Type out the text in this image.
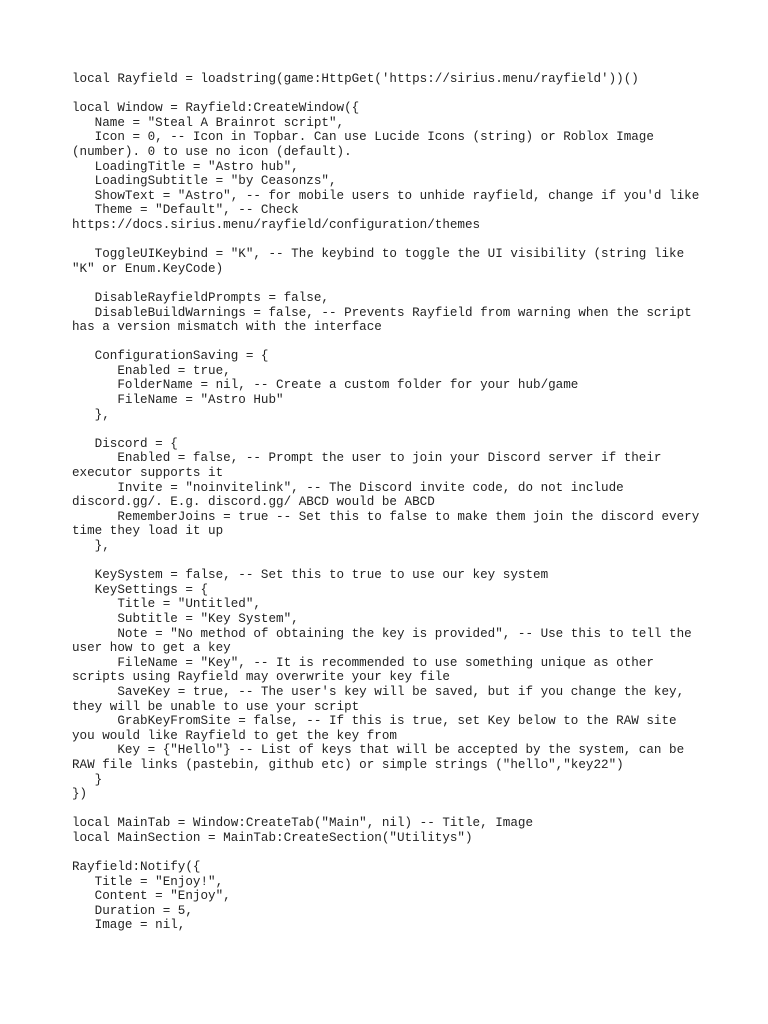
local Rayfield = loadstring(game:HttpGet('https://sirius.menu/rayfield'))()

local Window = Rayfield:CreateWindow({
Name = "Steal A Brainrot script",
Icon = 0, -- Icon in Topbar. Can use Lucide Icons (string) or Roblox Image
(number). 0 to use no icon (default).
LoadingTitle = "Astro hub",
LoadingSubtitle = "by Ceasonzs",
ShowText = "Astro", -- for mobile users to unhide rayfield, change if you'd like
Theme = "Default", -- Check
https://docs.sirius.menu/rayfield/configuration/themes

ToggleUIKeybind = "K", -- The keybind to toggle the UI visibility (string like
"K" or Enum.KeyCode)

DisableRayfieldPrompts = false,
DisableBuildWarnings = false, -- Prevents Rayfield from warning when the script
has a version mismatch with the interface

ConfigurationSaving = {
Enabled = true,
FolderName = nil, -- Create a custom folder for your hub/game
FileName = "Astro Hub"
},

Discord = {
Enabled = false, -- Prompt the user to join your Discord server if their
executor supports it
Invite = "noinvitelink", -- The Discord invite code, do not include
discord.gg/. E.g. discord.gg/ ABCD would be ABCD
RememberJoins = true -- Set this to false to make them join the discord every
time they load it up
},

KeySystem = false, -- Set this to true to use our key system
KeySettings = {
Title = "Untitled",
Subtitle = "Key System",
Note = "No method of obtaining the key is provided", -- Use this to tell the
user how to get a key
FileName = "Key", -- It is recommended to use something unique as other
scripts using Rayfield may overwrite your key file
SaveKey = true, -- The user's key will be saved, but if you change the key,
they will be unable to use your script
GrabKeyFromSite = false, -- If this is true, set Key below to the RAW site
you would like Rayfield to get the key from
Key = {"Hello"} -- List of keys that will be accepted by the system, can be
RAW file links (pastebin, github etc) or simple strings ("hello","key22")
}
})

local MainTab = Window:CreateTab("Main", nil) -- Title, Image
local MainSection = MainTab:CreateSection("Utilitys")

Rayfield:Notify({
Title = "Enjoy!",
Content = "Enjoy",
Duration = 5,
Image = nil,
